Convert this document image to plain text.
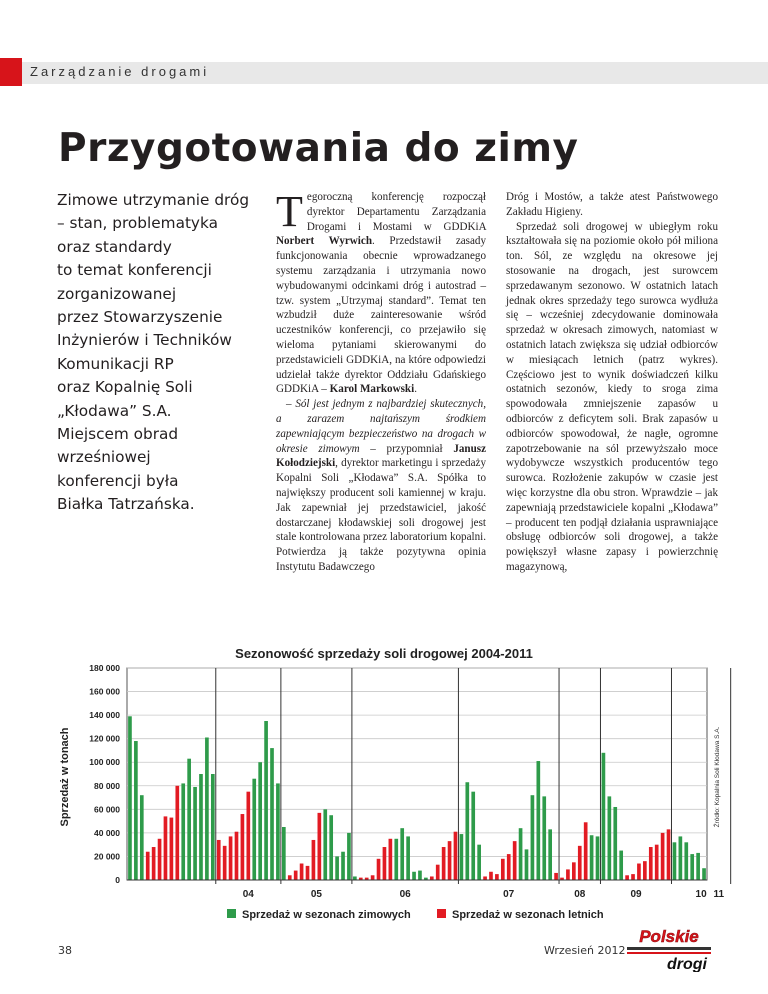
Zarządzanie drogami
Przygotowania do zimy
Zimowe utrzymanie dróg
– stan, problematyka
oraz standardy
to temat konferencji
zorganizowanej
przez Stowarzyszenie
Inżynierów i Techników
Komunikacji RP
oraz Kopalnię Soli
„Kłodawa” S.A.
Miejscem obrad
wrześniowej
konferencji była
Białka Tatrzańska.

Tegoroczną konferencję rozpoczął dyrektor Departamentu Zarządzania Drogami i Mostami w GDDKiA Norbert Wyrwich. Przedstawił zasady funkcjonowania obecnie wprowadzanego systemu zarządzania i utrzymania nowo wybudowanymi odcinkami dróg i autostrad – tzw. system „Utrzymaj standard”. Temat ten wzbudził duże zainteresowanie wśród uczestników konferencji, co przejawiło się wieloma pytaniami skierowanymi do przedstawicieli GDDKiA, na które odpowiedzi udzielał także dyrektor Oddziału Gdańskiego GDDKiA – Karol Markowski.

– Sól jest jednym z najbardziej skutecznych, a zarazem najtańszym środkiem zapewniającym bezpieczeństwo na drogach w okresie zimowym – przypomniał Janusz Kołodziejski, dyrektor marketingu i sprzedaży Kopalni Soli „Kłodawa” S.A. Spółka to największy producent soli kamiennej w kraju. Jak zapewniał jej przedstawiciel, jakość dostarczanej kłodawskiej soli drogowej jest stale kontrolowana przez laboratorium kopalni. Potwierdza ją także pozytywna opinia Instytutu Badawczego

Dróg i Mostów, a także atest Państwowego Zakładu Higieny.

Sprzedaż soli drogowej w ubiegłym roku kształtowała się na poziomie około pół miliona ton. Sól, ze względu na okresowe jej stosowanie na drogach, jest surowcem sprzedawanym sezonowo. W ostatnich latach jednak okres sprzedaży tego surowca wydłuża się – wcześniej zdecydowanie dominowała sprzedaż w okresach zimowych, natomiast w ostatnich latach zwiększa się udział odbiorców w miesiącach letnich (patrz wykres). Częściowo jest to wynik doświadczeń kilku ostatnich sezonów, kiedy to sroga zima spowodowała zmniejszenie zapasów u odbiorców z deficytem soli. Brak zapasów u odbiorców spowodował, że nagłe, ogromne zapotrzebowanie na sól przewyższało moce wydobywcze wszystkich producentów tego surowca. Rozłożenie zakupów w czasie jest więc korzystne dla obu stron. Wprawdzie – jak zapewniają przedstawiciele kopalni „Kłodawa” – producent ten podjął działania usprawniające obsługę odbiorców soli drogowej, a także powiększył własne zapasy i powierzchnię magazynową,

Sezonowość sprzedaży soli drogowej 2004-2011
0
20 000
40 000
60 000
80 000
100 000
120 000
140 000
160 000
180 000
04	05	06	07	08	09	10 11
Sprzedaż w tonach	Źródło: Kopalnia Soli Kłodawa S.A.
Sprzedaż w sezonach zimowych	Sprzedaż w sezonach letnich
38	Wrzesień 2012
Polskie
drogi
